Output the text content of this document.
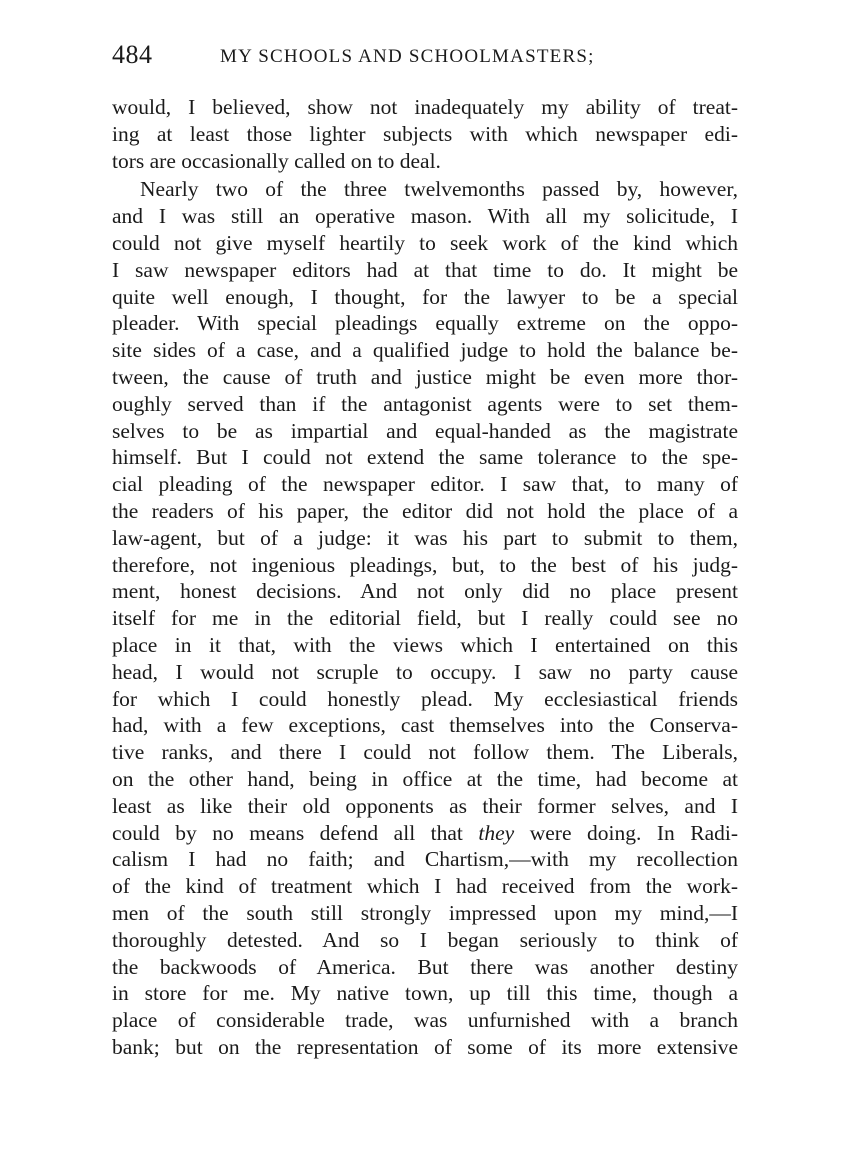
484	MY SCHOOLS AND SCHOOLMASTERS;
would, I believed, show not inadequately my ability of treat-
ing at least those lighter subjects with which newspaper edi-
tors are occasionally called on to deal.
Nearly two of the three twelvemonths passed by, however,
and I was still an operative mason. With all my solicitude, I
could not give myself heartily to seek work of the kind which
I saw newspaper editors had at that time to do. It might be
quite well enough, I thought, for the lawyer to be a special
pleader. With special pleadings equally extreme on the oppo-
site sides of a case, and a qualified judge to hold the balance be-
tween, the cause of truth and justice might be even more thor-
oughly served than if the antagonist agents were to set them-
selves to be as impartial and equal-handed as the magistrate
himself. But I could not extend the same tolerance to the spe-
cial pleading of the newspaper editor. I saw that, to many of
the readers of his paper, the editor did not hold the place of a
law-agent, but of a judge: it was his part to submit to them,
therefore, not ingenious pleadings, but, to the best of his judg-
ment, honest decisions. And not only did no place present
itself for me in the editorial field, but I really could see no
place in it that, with the views which I entertained on this
head, I would not scruple to occupy. I saw no party cause
for which I could honestly plead. My ecclesiastical friends
had, with a few exceptions, cast themselves into the Conserva-
tive ranks, and there I could not follow them. The Liberals,
on the other hand, being in office at the time, had become at
least as like their old opponents as their former selves, and I
could by no means defend all that they were doing. In Radi-
calism I had no faith; and Chartism,—with my recollection
of the kind of treatment which I had received from the work-
men of the south still strongly impressed upon my mind,—I
thoroughly detested. And so I began seriously to think of
the backwoods of America. But there was another destiny
in store for me. My native town, up till this time, though a
place of considerable trade, was unfurnished with a branch
bank; but on the representation of some of its more extensive
